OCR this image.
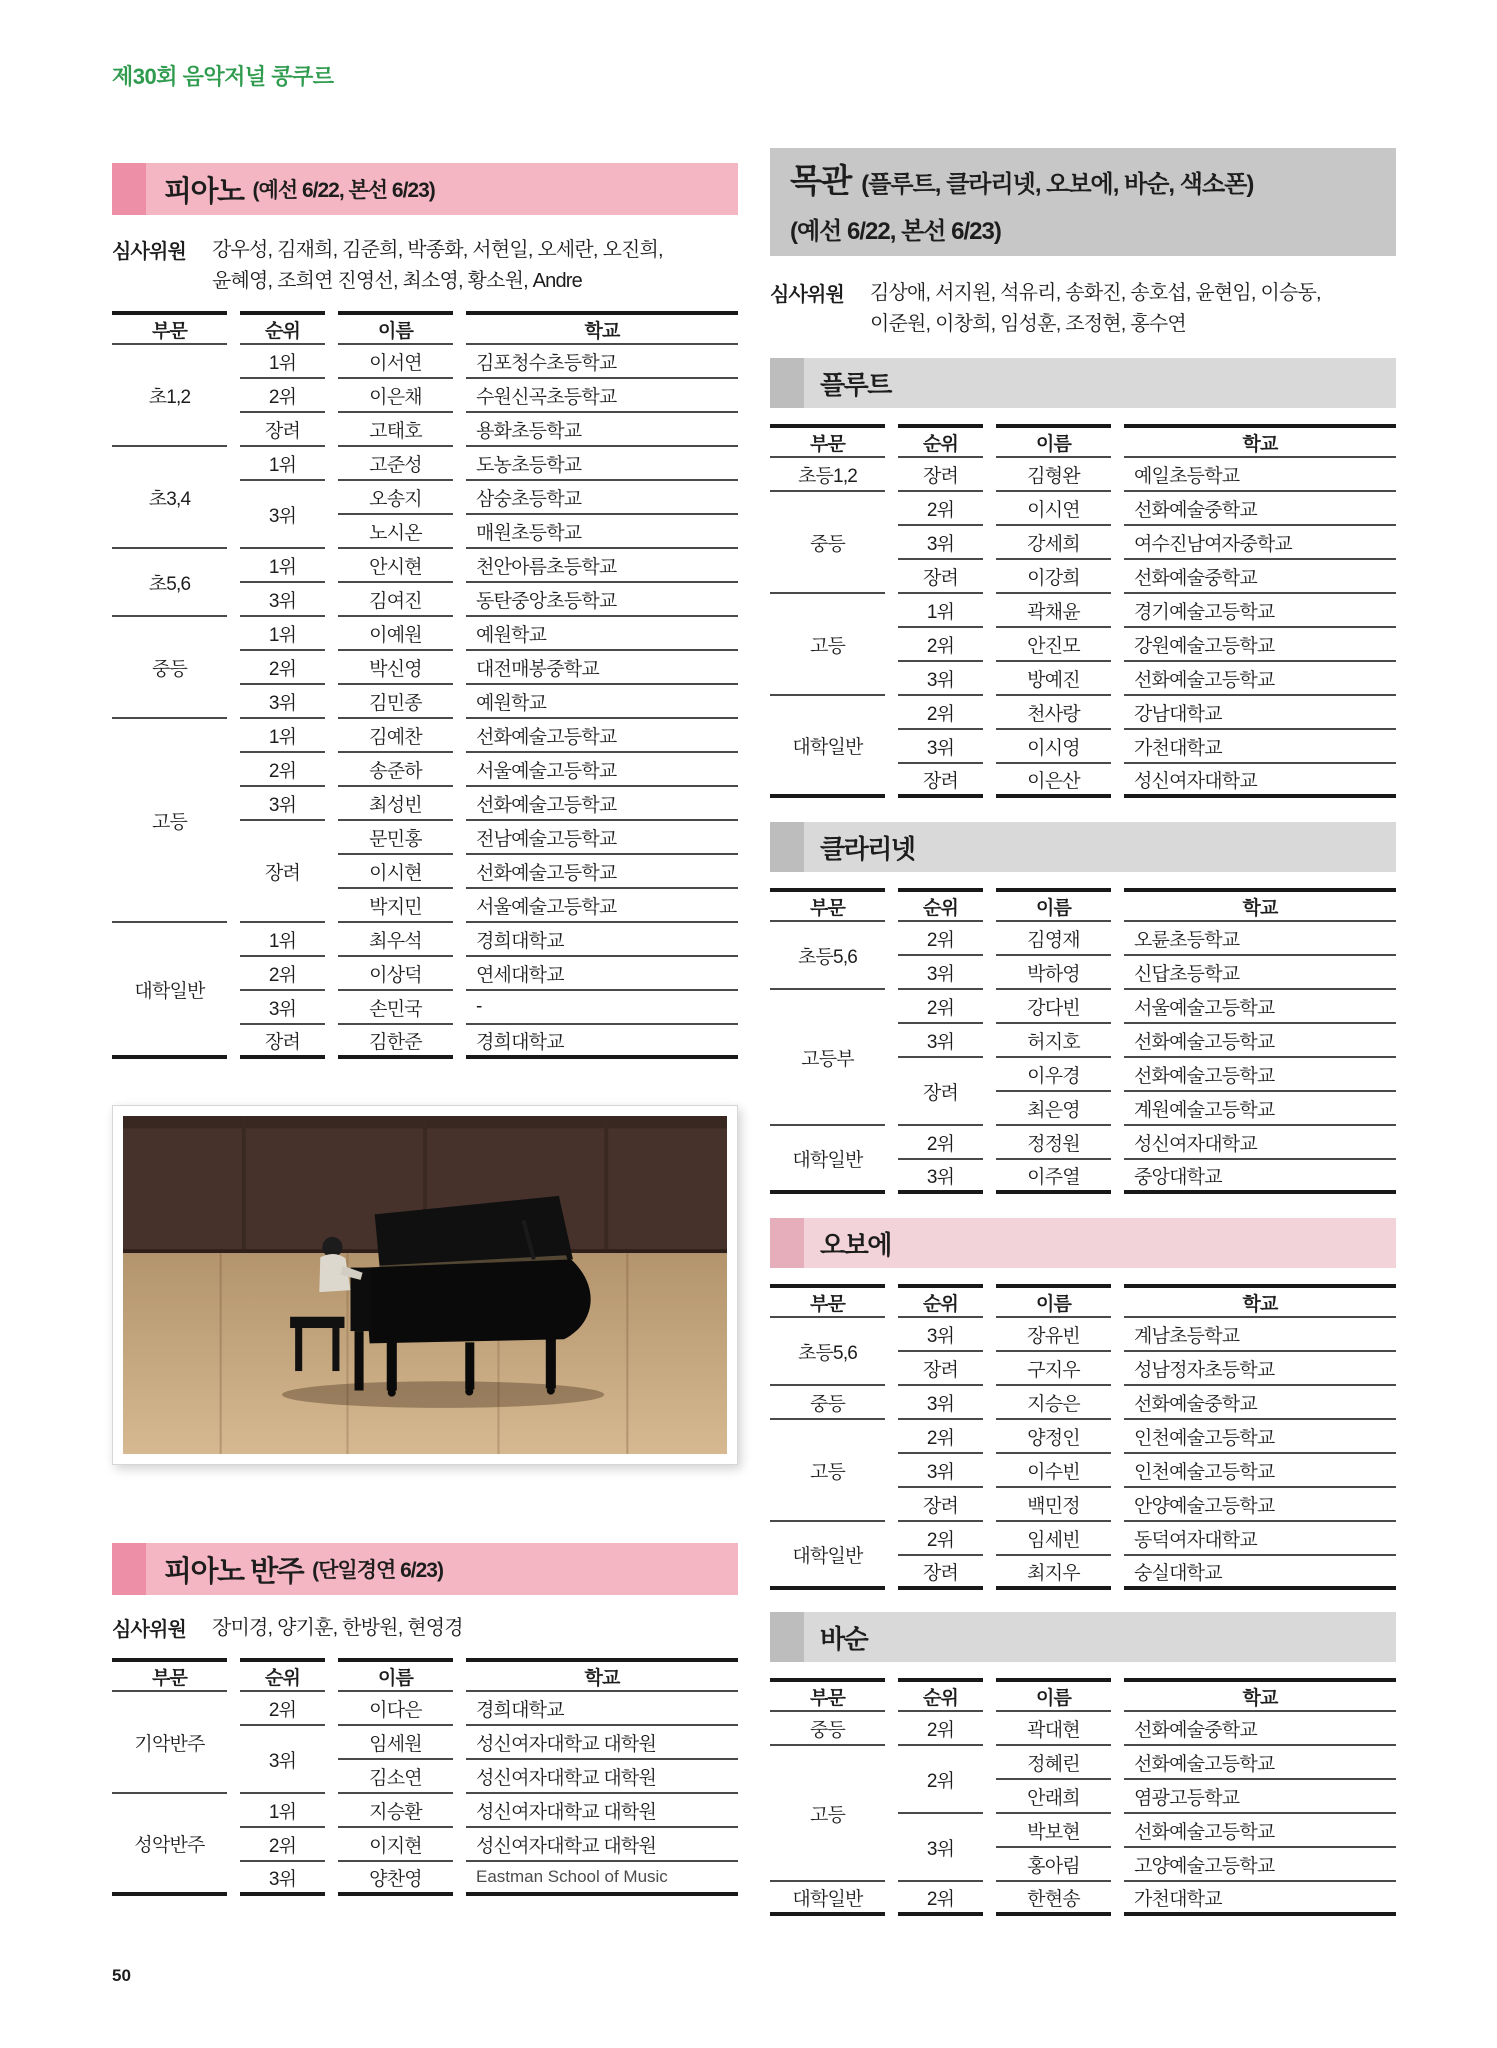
제30회 음악저널 콩쿠르
피아노 (예선 6/22, 본선 6/23)
심사위원	강우성, 김재희, 김준희, 박종화, 서현일, 오세란, 오진희,
윤혜영, 조희연 진영선, 최소영, 황소원, Andre
부문	순위	이름	학교
초1,2	1위	이서연	김포청수초등학교
	2위	이은채	수원신곡초등학교
	장려	고태호	용화초등학교
초3,4	1위	고준성	도농초등학교
	3위	오송지	삼숭초등학교
		노시온	매원초등학교
초5,6	1위	안시현	천안아름초등학교
	3위	김여진	동탄중앙초등학교
중등	1위	이예원	예원학교
	2위	박신영	대전매봉중학교
	3위	김민종	예원학교
고등	1위	김예찬	선화예술고등학교
	2위	송준하	서울예술고등학교
	3위	최성빈	선화예술고등학교
	장려	문민홍	전남예술고등학교
		이시현	선화예술고등학교
		박지민	서울예술고등학교
대학일반	1위	최우석	경희대학교
	2위	이상덕	연세대학교
	3위	손민국	-
	장려	김한준	경희대학교
피아노 반주 (단일경연 6/23)
심사위원	장미경, 양기훈, 한방원, 현영경
부문	순위	이름	학교
기악반주	2위	이다은	경희대학교
	3위	임세원	성신여자대학교 대학원
		김소연	성신여자대학교 대학원
성악반주	1위	지승환	성신여자대학교 대학원
	2위	이지현	성신여자대학교 대학원
	3위	양찬영	Eastman School of Music
목관 (플루트, 클라리넷, 오보에, 바순, 색소폰)
(예선 6/22, 본선 6/23)
심사위원	김상애, 서지원, 석유리, 송화진, 송호섭, 윤현임, 이승동,
이준원, 이창희, 임성훈, 조정현, 홍수연
플루트
부문	순위	이름	학교
초등1,2	장려	김형완	예일초등학교
중등	2위	이시연	선화예술중학교
	3위	강세희	여수진남여자중학교
	장려	이강희	선화예술중학교
고등	1위	곽채윤	경기예술고등학교
	2위	안진모	강원예술고등학교
	3위	방예진	선화예술고등학교
대학일반	2위	천사랑	강남대학교
	3위	이시영	가천대학교
	장려	이은산	성신여자대학교
클라리넷
부문	순위	이름	학교
초등5,6	2위	김영재	오륜초등학교
	3위	박하영	신답초등학교
고등부	2위	강다빈	서울예술고등학교
	3위	허지호	선화예술고등학교
	장려	이우경	선화예술고등학교
		최은영	계원예술고등학교
대학일반	2위	정정원	성신여자대학교
	3위	이주열	중앙대학교
오보에
부문	순위	이름	학교
초등5,6	3위	장유빈	계남초등학교
	장려	구지우	성남정자초등학교
중등	3위	지승은	선화예술중학교
고등	2위	양정인	인천예술고등학교
	3위	이수빈	인천예술고등학교
	장려	백민정	안양예술고등학교
대학일반	2위	임세빈	동덕여자대학교
	장려	최지우	숭실대학교
바순
부문	순위	이름	학교
중등	2위	곽대현	선화예술중학교
고등	2위	정혜린	선화예술고등학교
		안래희	염광고등학교
	3위	박보현	선화예술고등학교
		홍아림	고양예술고등학교
대학일반	2위	한현송	가천대학교
50
